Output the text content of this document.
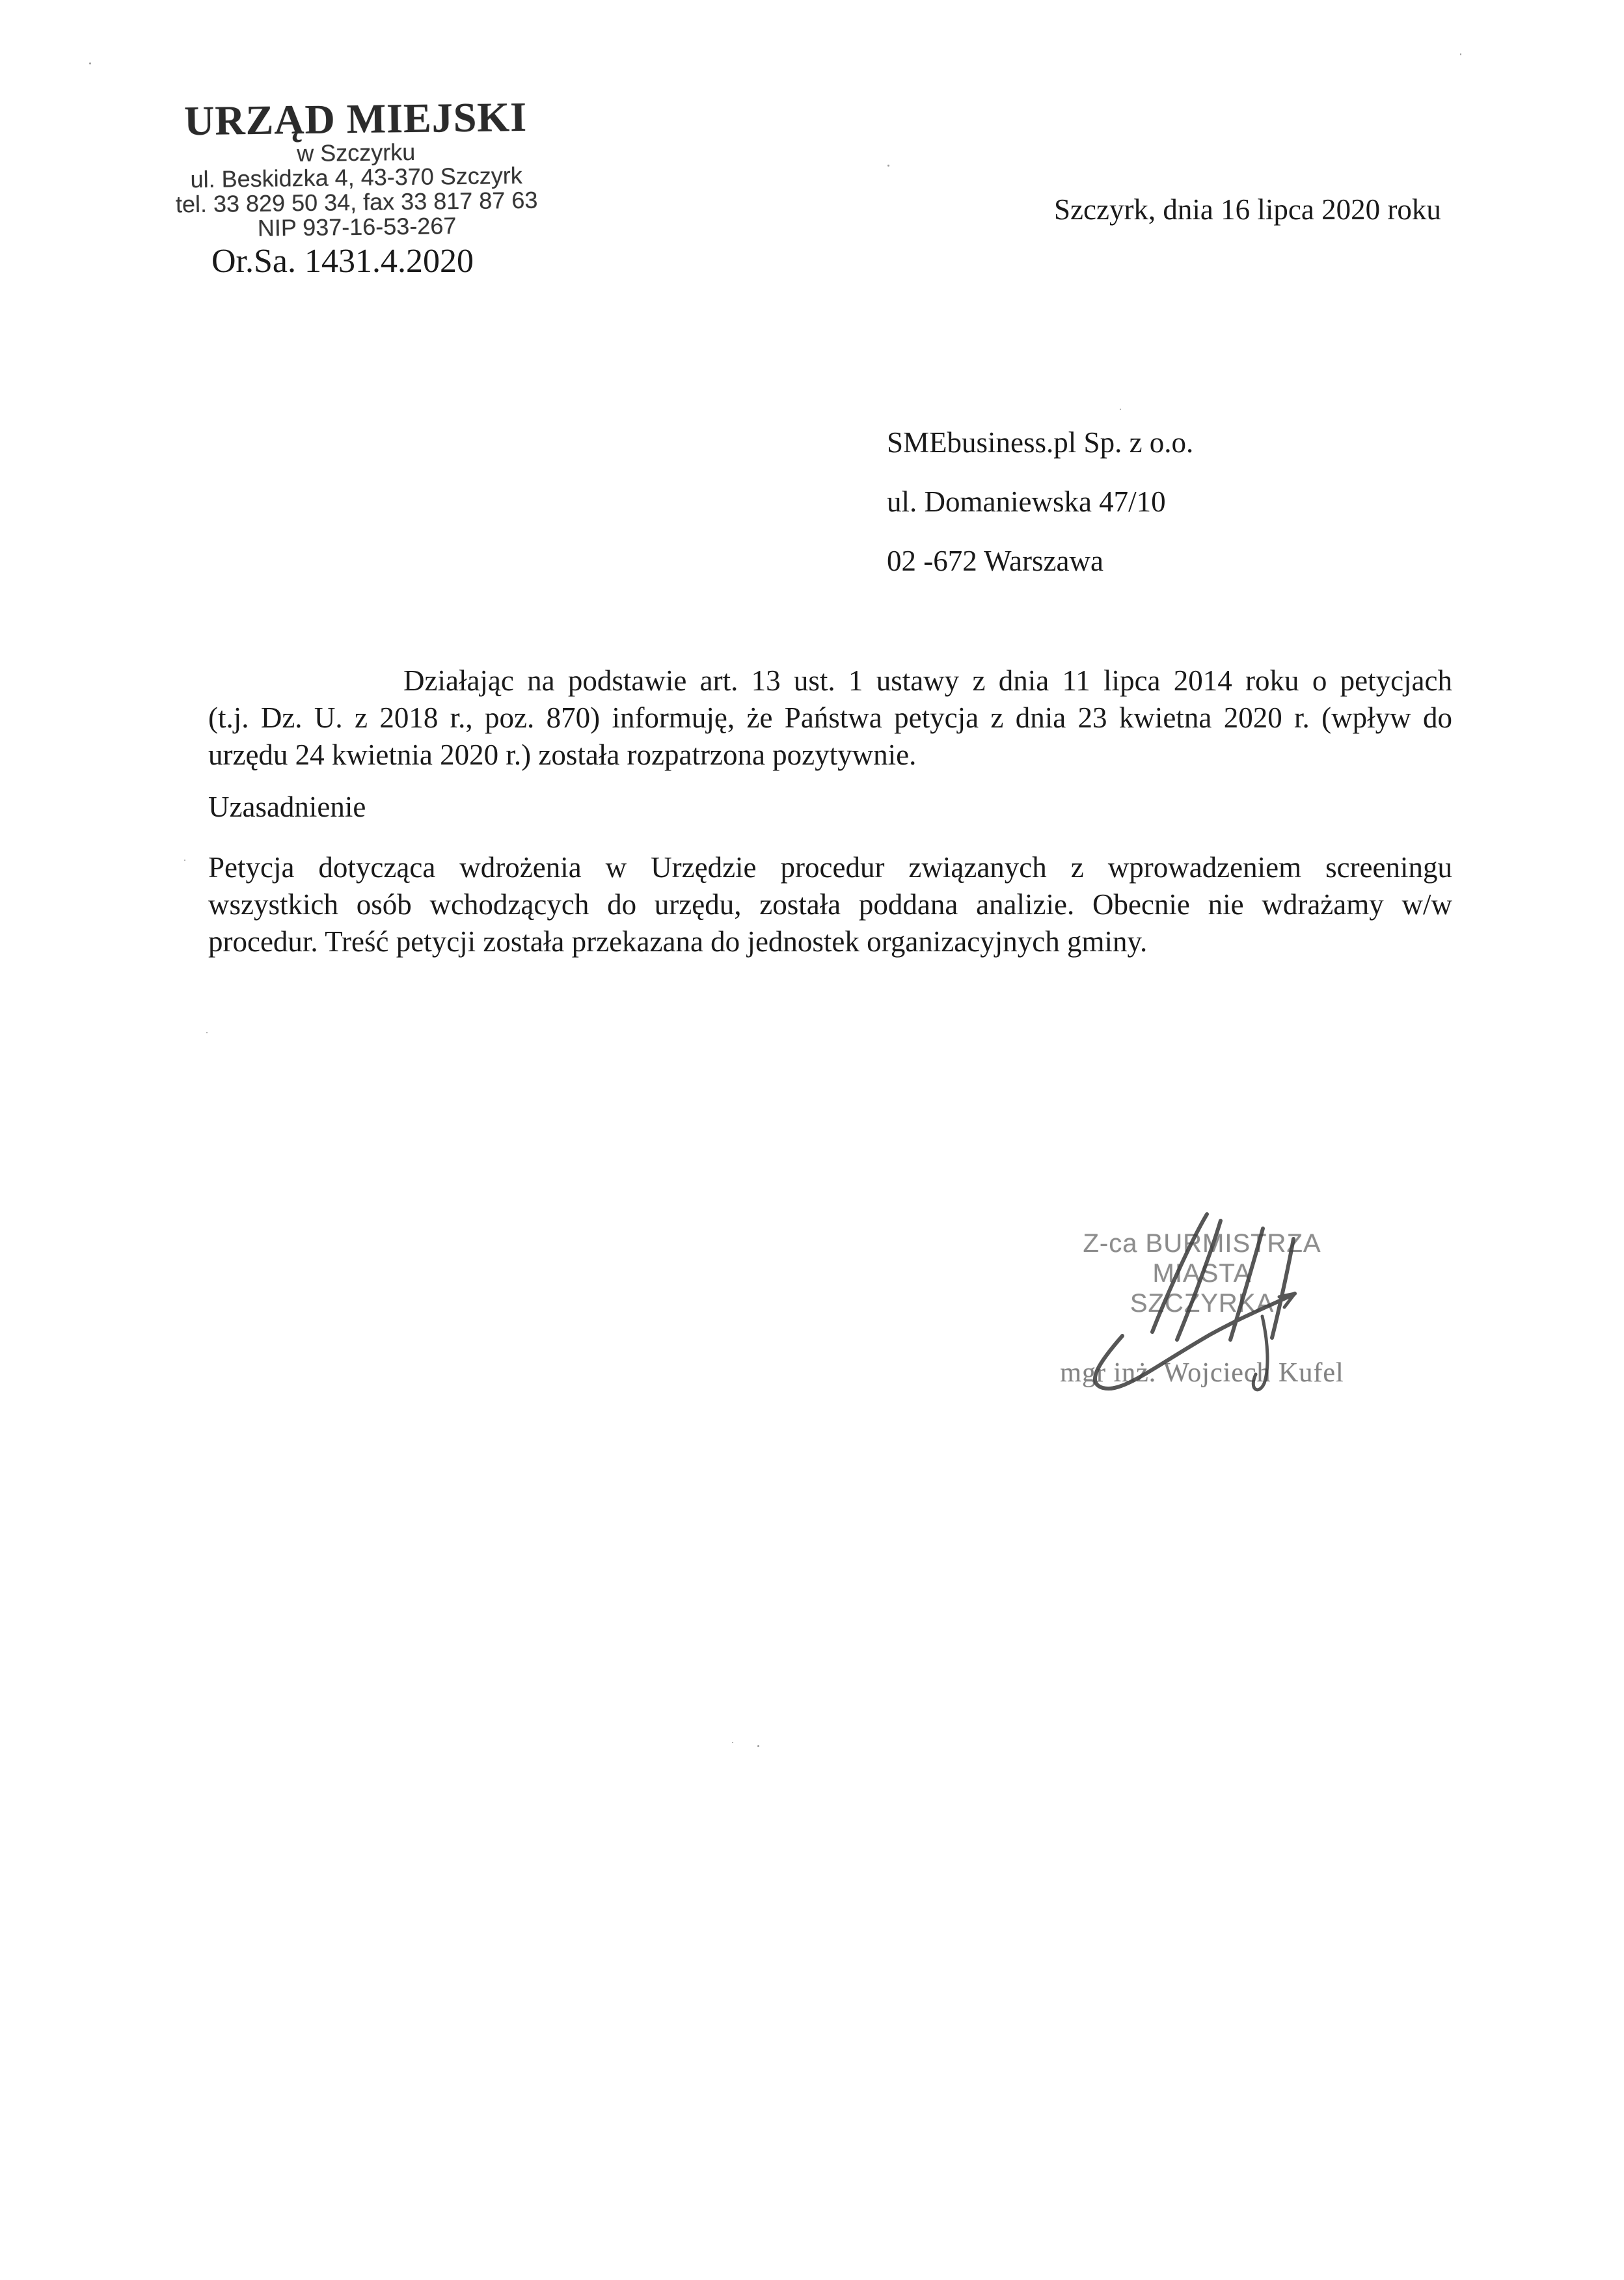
URZĄD MIEJSKI
w Szczyrku
ul. Beskidzka 4, 43-370 Szczyrk
tel. 33 829 50 34, fax 33 817 87 63
NIP 937-16-53-267
Or.Sa. 1431.4.2020
Szczyrk, dnia 16 lipca 2020 roku
SMEbusiness.pl Sp. z o.o.
ul. Domaniewska 47/10
02 -672 Warszawa
Działając na podstawie art. 13 ust. 1 ustawy z dnia 11 lipca 2014 roku o petycjach
(t.j. Dz. U. z 2018 r., poz. 870) informuję, że Państwa petycja z dnia 23 kwietna 2020 r. (wpływ do
urzędu 24 kwietnia 2020 r.) została rozpatrzona pozytywnie.
Uzasadnienie
Petycja dotycząca wdrożenia w Urzędzie procedur związanych z wprowadzeniem screeningu
wszystkich osób wchodzących do urzędu, została poddana analizie. Obecnie nie wdrażamy w/w
procedur. Treść petycji została przekazana do jednostek organizacyjnych gminy.
Z-ca BURMISTRZA MIASTA
SZCZYRKA
mgr inż. Wojciech Kufel
